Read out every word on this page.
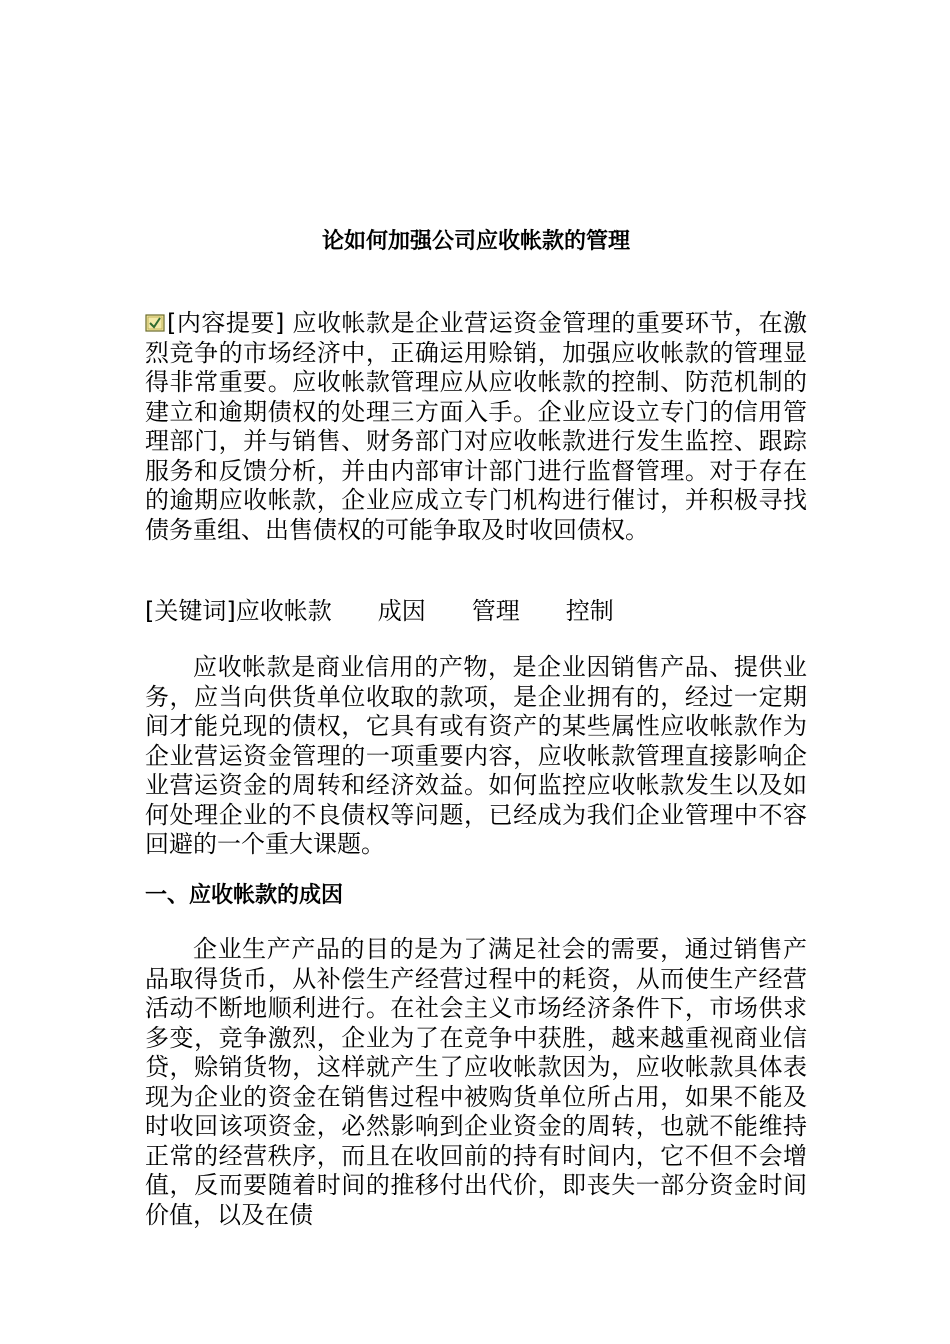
论如何加强公司应收帐款的管理

[内容提要] 应收帐款是企业营运资金管理的重要环节，在激烈竞争的市场经济中，正确运用赊销，加强应收帐款的管理显得非常重要。应收帐款管理应从应收帐款的控制、防范机制的建立和逾期债权的处理三方面入手。企业应设立专门的信用管理部门，并与销售、财务部门对应收帐款进行发生监控、跟踪服务和反馈分析，并由内部审计部门进行监督管理。对于存在的逾期应收帐款，企业应成立专门机构进行催讨，并积极寻找债务重组、出售债权的可能争取及时收回债权。

[关键词]应收帐款 成因 管理 控制

应收帐款是商业信用的产物，是企业因销售产品、提供业务，应当向供货单位收取的款项，是企业拥有的，经过一定期间才能兑现的债权，它具有或有资产的某些属性应收帐款作为企业营运资金管理的一项重要内容，应收帐款管理直接影响企业营运资金的周转和经济效益。如何监控应收帐款发生以及如何处理企业的不良债权等问题，已经成为我们企业管理中不容回避的一个重大课题。

一、应收帐款的成因

企业生产产品的目的是为了满足社会的需要，通过销售产品取得货币，从补偿生产经营过程中的耗资，从而使生产经营活动不断地顺利进行。在社会主义市场经济条件下，市场供求多变，竞争激烈，企业为了在竞争中获胜，越来越重视商业信贷，赊销货物，这样就产生了应收帐款因为，应收帐款具体表现为企业的资金在销售过程中被购货单位所占用，如果不能及时收回该项资金，必然影响到企业资金的周转，也就不能维持正常的经营秩序，而且在收回前的持有时间内，它不但不会增值，反而要随着时间的推移付出代价，即丧失一部分资金时间价值，以及在债
